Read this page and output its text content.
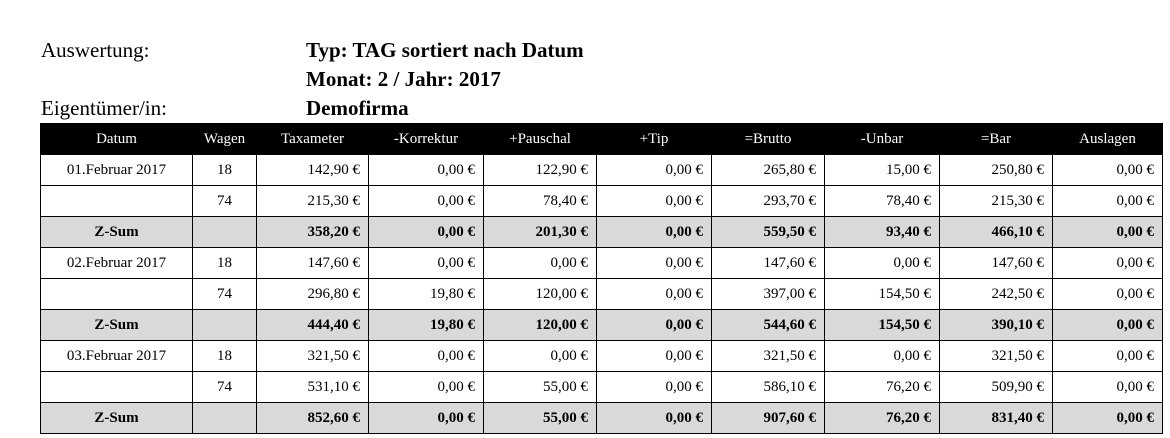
Auswertung:	Typ: TAG sortiert nach Datum
Monat: 2 / Jahr: 2017
Eigentümer/in:	Demofirma
Datum	Wagen	Taxameter	-Korrektur	+Pauschal	+Tip	=Brutto	-Unbar	=Bar	Auslagen
01.Februar 2017	18	142,90 €	0,00 €	122,90 €	0,00 €	265,80 €	15,00 €	250,80 €	0,00 €
	74	215,30 €	0,00 €	78,40 €	0,00 €	293,70 €	78,40 €	215,30 €	0,00 €
Z-Sum		358,20 €	0,00 €	201,30 €	0,00 €	559,50 €	93,40 €	466,10 €	0,00 €
02.Februar 2017	18	147,60 €	0,00 €	0,00 €	0,00 €	147,60 €	0,00 €	147,60 €	0,00 €
	74	296,80 €	19,80 €	120,00 €	0,00 €	397,00 €	154,50 €	242,50 €	0,00 €
Z-Sum		444,40 €	19,80 €	120,00 €	0,00 €	544,60 €	154,50 €	390,10 €	0,00 €
03.Februar 2017	18	321,50 €	0,00 €	0,00 €	0,00 €	321,50 €	0,00 €	321,50 €	0,00 €
	74	531,10 €	0,00 €	55,00 €	0,00 €	586,10 €	76,20 €	509,90 €	0,00 €
Z-Sum		852,60 €	0,00 €	55,00 €	0,00 €	907,60 €	76,20 €	831,40 €	0,00 €
